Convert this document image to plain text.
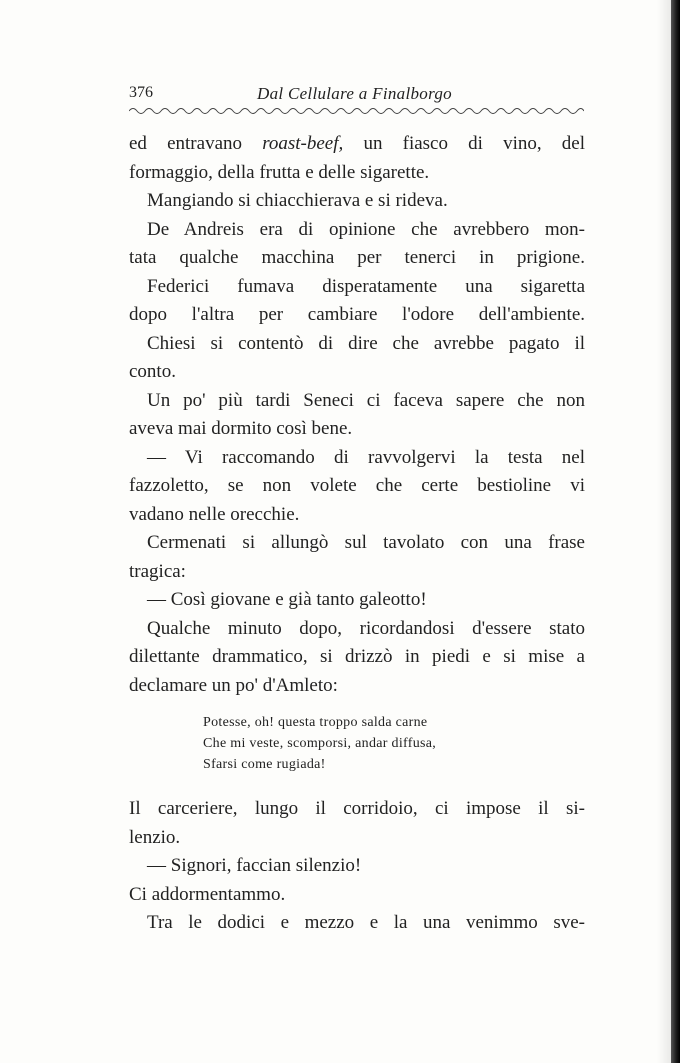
376	Dal Cellulare a Finalborgo
ed entravano roast-beef, un fiasco di vino, del
formaggio, della frutta e delle sigarette.
Mangiando si chiacchierava e si rideva.
De Andreis era di opinione che avrebbero mon-
tata qualche macchina per tenerci in prigione.
Federici fumava disperatamente una sigaretta
dopo l'altra per cambiare l'odore dell'ambiente.
Chiesi si contentò di dire che avrebbe pagato il
conto.
Un po' più tardi Seneci ci faceva sapere che non
aveva mai dormito così bene.
— Vi raccomando di ravvolgervi la testa nel
fazzoletto, se non volete che certe bestioline vi
vadano nelle orecchie.
Cermenati si allungò sul tavolato con una frase
tragica:
— Così giovane e già tanto galeotto!
Qualche minuto dopo, ricordandosi d'essere stato
dilettante drammatico, si drizzò in piedi e si mise a
declamare un po' d'Amleto:
Potesse, oh! questa troppo salda carne
Che mi veste, scomporsi, andar diffusa,
Sfarsi come rugiada!
Il carceriere, lungo il corridoio, ci impose il si-
lenzio.
— Signori, faccian silenzio!
Ci addormentammo.
Tra le dodici e mezzo e la una venimmo sve-
